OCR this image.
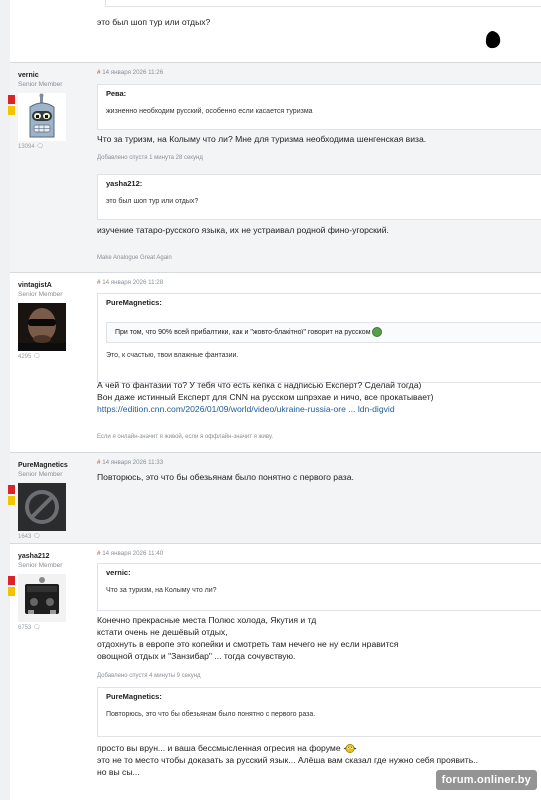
это был шоп тур или отдых?
vernic
Senior Member
13094 🗨
# 14 января 2026 11:26
Рева:
жизненно необходим русский, особенно если касается туризма
Что за туризм, на Колыму что ли? Мне для туризма необходима шенгенская виза.
Добавлено спустя 1 минута 28 секунд
yasha212:
это был шоп тур или отдых?
изучение татаро-русского языка, их не устраивал родной фино-угорский.
Make Analogue Great Again
vintagistA
Senior Member
4295 🗨
# 14 января 2026 11:28
PureMagnetics:
При том, что 90% всей прибалтики, как и "жовто-блакітної" говорит на русском
Это, к счастью, твои влажные фантазии.
А чей то фантазии то? У тебя что есть кепка с надписью Експерт? Сделай тогда)
Вон даже истинный Експерт для CNN на русском шпрэхае и ничо, все прокатывает)
https://edition.cnn.com/2026/01/09/world/video/ukraine-russia-ore ... ldn-digvid
Если я онлайн-значит я живой, если я оффлайн-значит я живу.
PureMagnetics
Senior Member
1643 🗨
# 14 января 2026 11:33
Повторюсь, это что бы обезьянам было понятно с первого раза.
yasha212
Senior Member
6753 🗨
# 14 января 2026 11:40
vernic:
Что за туризм, на Колыму что ли?
Конечно прекрасные места Полюс холода, Якутия и тд
кстати очень не дешёвый отдых,
отдохнуть в европе это копейки и смотреть там нечего не ну если нравится
овощной отдых и "Занзибар" ... тогда сочувствую.
Добавлено спустя 4 минуты 9 секунд
PureMagnetics:
Повторюсь, это что бы обезьянам было понятно с первого раза.
просто вы врун... и ваша бессмысленная огресия на форуме
это не то место чтобы доказать за русский язык... Алёша вам сказал где нужно себя проявить..
но вы сы...
forum.onliner.by
